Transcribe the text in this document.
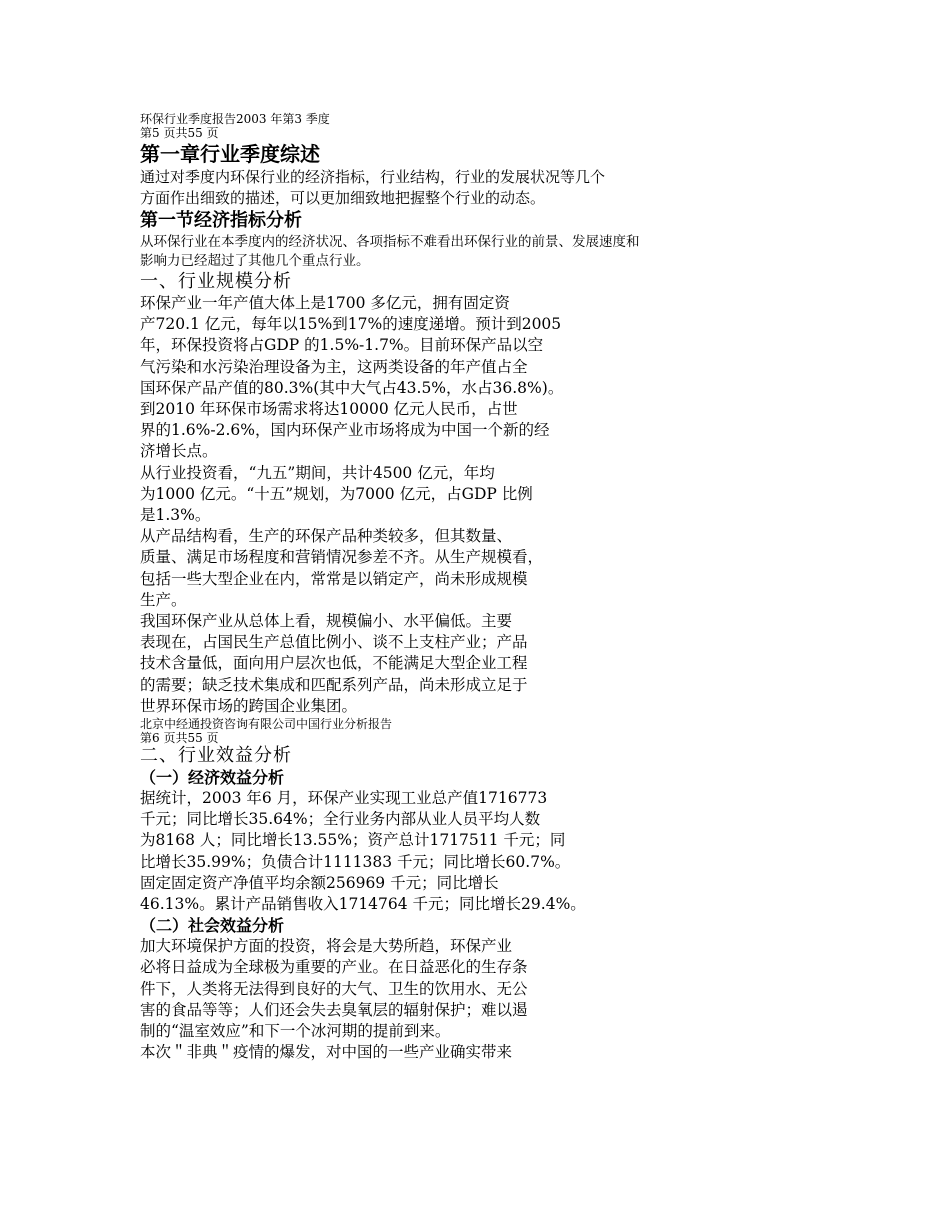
环保行业季度报告2003 年第3 季度
第5 页共55 页
第一章行业季度综述
通过对季度内环保行业的经济指标，行业结构，行业的发展状况等几个
方面作出细致的描述，可以更加细致地把握整个行业的动态。
第一节经济指标分析
从环保行业在本季度内的经济状况、各项指标不难看出环保行业的前景、发展速度和
影响力已经超过了其他几个重点行业。
一、行业规模分析
环保产业一年产值大体上是1700 多亿元，拥有固定资
产720.1 亿元，每年以15%到17%的速度递增。预计到2005
年，环保投资将占GDP 的1.5%-1.7%。目前环保产品以空
气污染和水污染治理设备为主，这两类设备的年产值占全
国环保产品产值的80.3%(其中大气占43.5%，水占36.8%)。
到2010 年环保市场需求将达10000 亿元人民币，占世
界的1.6%-2.6%，国内环保产业市场将成为中国一个新的经
济增长点。
从行业投资看，“九五”期间，共计4500 亿元，年均
为1000 亿元。“十五”规划，为7000 亿元，占GDP 比例
是1.3%。
从产品结构看，生产的环保产品种类较多，但其数量、
质量、满足市场程度和营销情况参差不齐。从生产规模看，
包括一些大型企业在内，常常是以销定产，尚未形成规模
生产。
我国环保产业从总体上看，规模偏小、水平偏低。主要
表现在，占国民生产总值比例小、谈不上支柱产业；产品
技术含量低，面向用户层次也低，不能满足大型企业工程
的需要；缺乏技术集成和匹配系列产品，尚未形成立足于
世界环保市场的跨国企业集团。
北京中经通投资咨询有限公司中国行业分析报告
第6 页共55 页
二、行业效益分析
（一）经济效益分析
据统计，2003 年6 月，环保产业实现工业总产值1716773
千元；同比增长35.64%；全行业务内部从业人员平均人数
为8168 人；同比增长13.55%；资产总计1717511 千元；同
比增长35.99%；负债合计1111383 千元；同比增长60.7%。
固定固定资产净值平均余额256969 千元；同比增长
46.13%。累计产品销售收入1714764 千元；同比增长29.4%。
（二）社会效益分析
加大环境保护方面的投资，将会是大势所趋，环保产业
必将日益成为全球极为重要的产业。在日益恶化的生存条
件下，人类将无法得到良好的大气、卫生的饮用水、无公
害的食品等等；人们还会失去臭氧层的辐射保护；难以遏
制的“温室效应”和下一个冰河期的提前到来。
本次＂非典＂疫情的爆发，对中国的一些产业确实带来
